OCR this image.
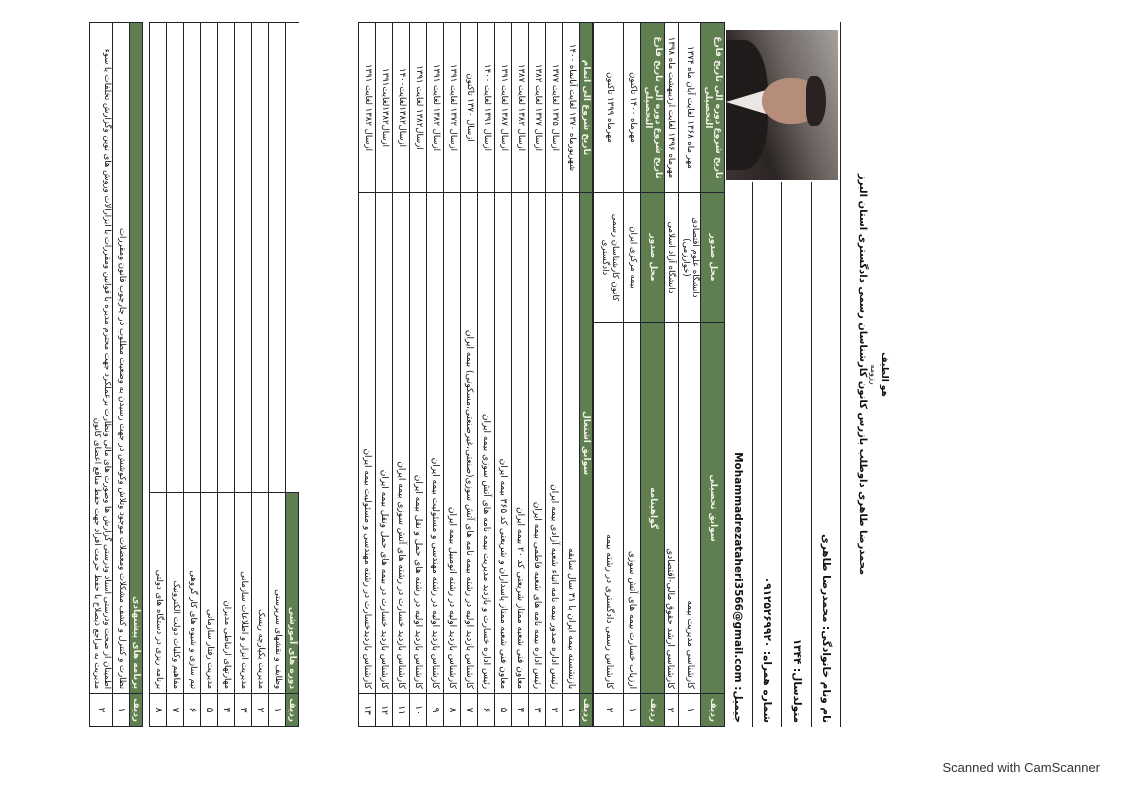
هو الطیف
رزومه
محمدرضا طاهری داوطلب بازرس کانون کارشناسان رسمی دادگستری استان البرز
نام ونام خانوادگی: محمدرضا طاهری	

متولدسال: ۱۳۴۴
شماره همراه: ۰۹۱۲۵۲۶۹۹۲۰
جیمیل: Mohammadrezataheri3566@gmail.com
ردیف	سوابق تحصیلی	محل صدور	تاریخ شروع دوره الی تاریخ فارغ التحصیلی
۱	کارشناسی مدیریت بیمه	دانشگاه علوم اقتصادی (خوارزمی)	مهر ماه ۱۳۶۸ لغایت آبان ماه ۱۳۷۴
۲	کارشناسی ارشد حقوق مالی-اقتصادی	دانشگاه آزاد اسلامی	مهرماه ۱۳۹۶ لغایت اردیبهشت ماه ۱۳۹۸
ردیف	گواهینامه	محل صدور	تاریخ شروع دوره الی تاریخ فارغ التحصیلی
۱	ارزیاب خسارت بیمه های آتش سوزی	بیمه مرکزی ایران	مهرماه ۱۴۰۰ تاکنون
۲	کارشناس رسمی دادگستری در رشته بیمه	کانون کارشناسان رسمی دادگستری	مهرماه ۱۳۹۹ تاکنون
ردیف	سوابق اشتغال	تاریخ شروع الی اتمام
۱	بازنشسته بیمه ایران با ۳۱ سال سابقه	شهریورماه ۱۳۷۰ لغایت آبانماه ۱۴۰۰
۲	رئیس اداره صدور بیمه نامه اتباء شعبه آزادی بیمه ایران	ازسال ۱۳۷۵ لغایت ۱۳۷۷
۳	رئیس اداره بیمه نامه های شعبه فاطمی بیمه ایران	ازسال ۱۳۷۷ لغایت ۱۳۸۲
۴	معاون فنی شعبه ممتاز شریعتی کد ۲۰ بیمه ایران	ازسال ۱۳۸۲ لغایت ۱۳۸۷
۵	معاون فنی شعبه ممتاز پاسداران و شریعتی کد ۳۶۵ بیمه ایران	ازسال ۱۳۸۷ لغایت ۱۳۹۱
۶	رئیس اداره خسارت و بازدید مدیریت بیمه نامه های آتش سوزی بیمه ایران	ازسال ۱۳۹۱ لغایت ۱۴۰۰
۷	کارشناس بازدید اولیه در رشته بیمه نامه های آتش سوزی(صنعتی،غیرصنعتی،مسکونی) بیمه ایران	ازسال ۱۳۷۰ تاکنون
۸	کارشناس بازدید اولیه در رشته اتومبیل بیمه ایران	ازسال ۱۳۷۲ لغایت ۱۳۹۱
۹	کارشناس بازدید اولیه در رشته مهندسی و مسئولیت بیمه ایران	ازسال ۱۳۸۲ لغایت ۱۳۹۱
۱۰	کارشناس بازدید اولیه در رشته های حمل و نقل بیمه ایران	ازسال۱۳۸۲ لغایت ۱۳۹۱
۱۱	کارشناس بازدید خسارت در رشته های آتش سوزی بیمه ایران	ازسال۱۳۸۲لغایت۱۴۰۰
۱۲	کارشناس بازدید خسارت در بیمه های حمل ونقل بیمه ایران	ازسال۱۳۸۲لغایت۱۳۹۱
۱۳	کارشناس بازدیدخسارت در رشته مهندسی و مسئولیت بیمه ایران	ازسال ۱۳۸۲ لغایت ۱۳۹۱
ردیف	دوره های آموزشی	
۱	وظایف و نقشهای سرپرستی	
۲	مدیریت یکپارچه ریسک	
۳	مدیریت ابزار و اطلاعات سازمانی	
۴	مهارتهای ارتباطی مدیران	
۵	مدیریت رفتار سازمانی	
۶	تیم سازی و شیوه های کار گروهی	
۷	مفاهیم وکلیات دولت الکترونیک	
۸	برنامه ریزی در دستگاه های دولتی	
ردیف	برنامه های پیشنهادی
۱	نظارت و کنترل و کشف مشکلات ومعضلات موجود وتلاش وکوشش در جهت رسیدن به وضعیت مطلوب در چارچوب قانون ومقررات
۲	اطمینان از صحت ودرستی اسناد ودرستی گزارش ها وصورت های مالی ونظارت برعملکرد جهت محترم مدیره با قوانین ومقررات با ابزارالات وروش های نوین وگزارش تخلفات یا سوء مدیریت به مراجع ذیصلاح با حفظ حرمت افراد جهت حفظ منافع اعضای کانون
Scanned with CamScanner
